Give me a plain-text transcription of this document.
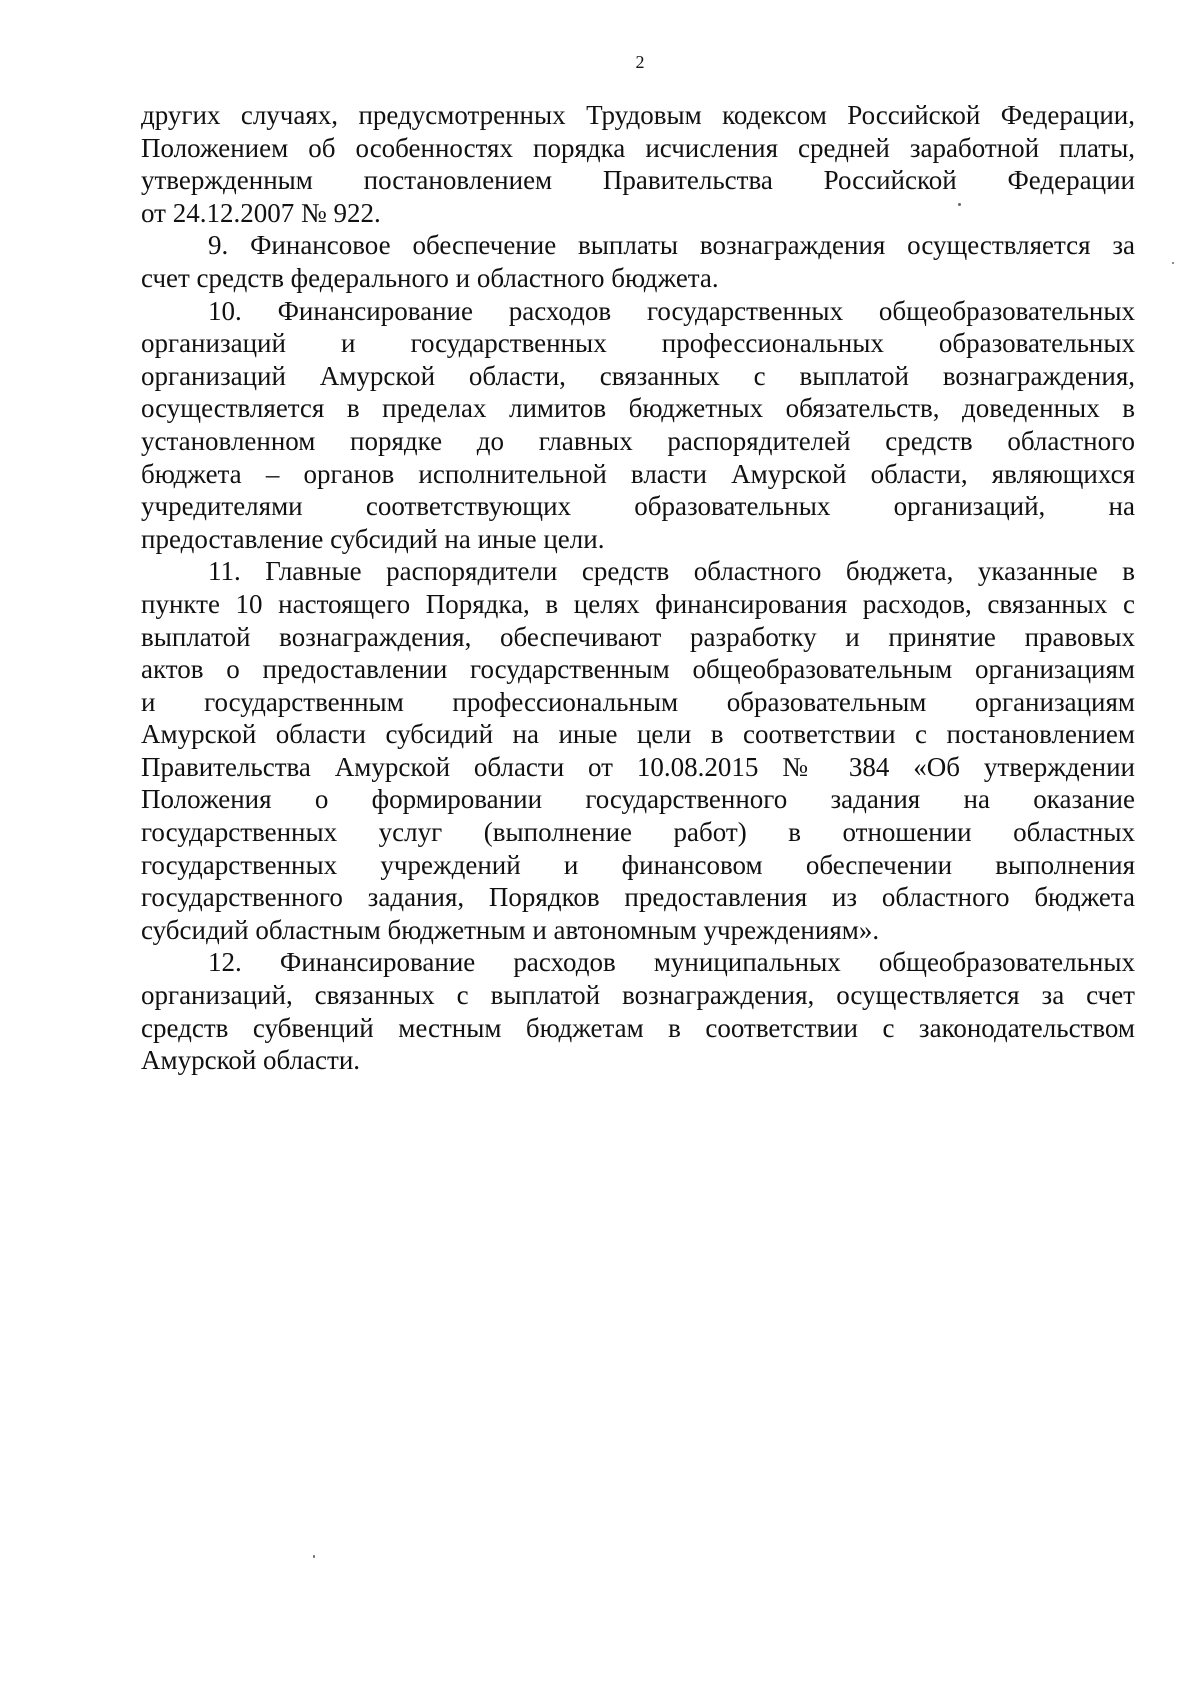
2
других случаях, предусмотренных Трудовым кодексом Российской Федерации,
Положением об особенностях порядка исчисления средней заработной платы,
утвержденным постановлением Правительства Российской Федерации
от 24.12.2007 № 922.
9. Финансовое обеспечение выплаты вознаграждения осуществляется за
счет средств федерального и областного бюджета.
10. Финансирование расходов государственных общеобразовательных
организаций и государственных профессиональных образовательных
организаций Амурской области, связанных с выплатой вознаграждения,
осуществляется в пределах лимитов бюджетных обязательств, доведенных в
установленном порядке до главных распорядителей средств областного
бюджета – органов исполнительной власти Амурской области, являющихся
учредителями соответствующих образовательных организаций, на
предоставление субсидий на иные цели.
11. Главные распорядители средств областного бюджета, указанные в
пункте 10 настоящего Порядка, в целях финансирования расходов, связанных с
выплатой вознаграждения, обеспечивают разработку и принятие правовых
актов о предоставлении государственным общеобразовательным организациям
и государственным профессиональным образовательным организациям
Амурской области субсидий на иные цели в соответствии с постановлением
Правительства Амурской области от 10.08.2015 № 384 «Об утверждении
Положения о формировании государственного задания на оказание
государственных услуг (выполнение работ) в отношении областных
государственных учреждений и финансовом обеспечении выполнения
государственного задания, Порядков предоставления из областного бюджета
субсидий областным бюджетным и автономным учреждениям».
12. Финансирование расходов муниципальных общеобразовательных
организаций, связанных с выплатой вознаграждения, осуществляется за счет
средств субвенций местным бюджетам в соответствии с законодательством
Амурской области.
